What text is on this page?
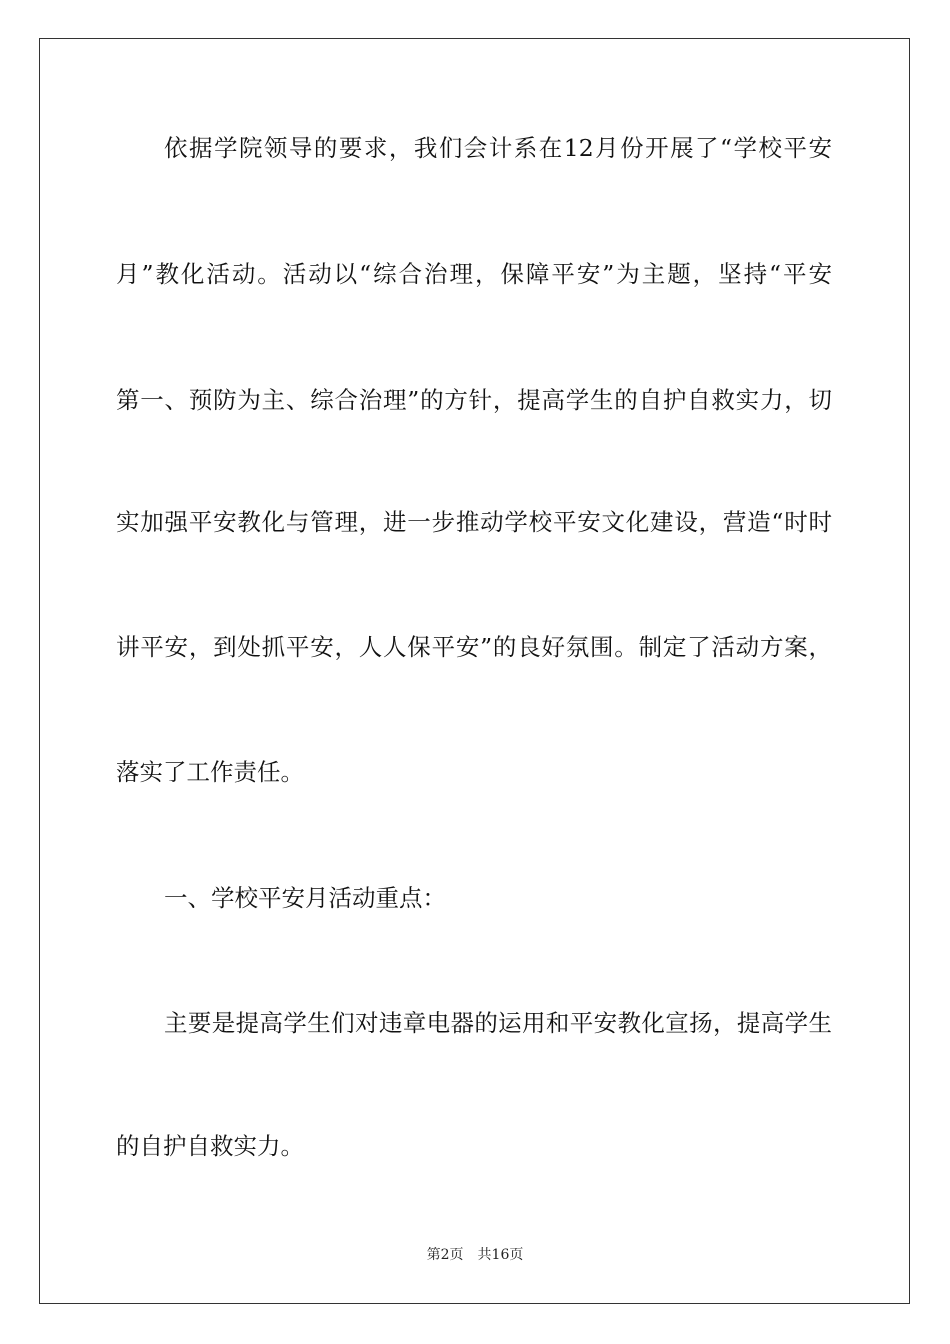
依据学院领导的要求，我们会计系在12月份开展了“学校平安
月”教化活动。活动以“综合治理，保障平安”为主题，坚持“平安
第一、预防为主、综合治理”的方针，提高学生的自护自救实力，切
实加强平安教化与管理，进一步推动学校平安文化建设，营造“时时
讲平安，到处抓平安，人人保平安”的良好氛围。制定了活动方案，
落实了工作责任。
一、学校平安月活动重点：
主要是提高学生们对违章电器的运用和平安教化宣扬，提高学生
的自护自救实力。
第2页　共16页
